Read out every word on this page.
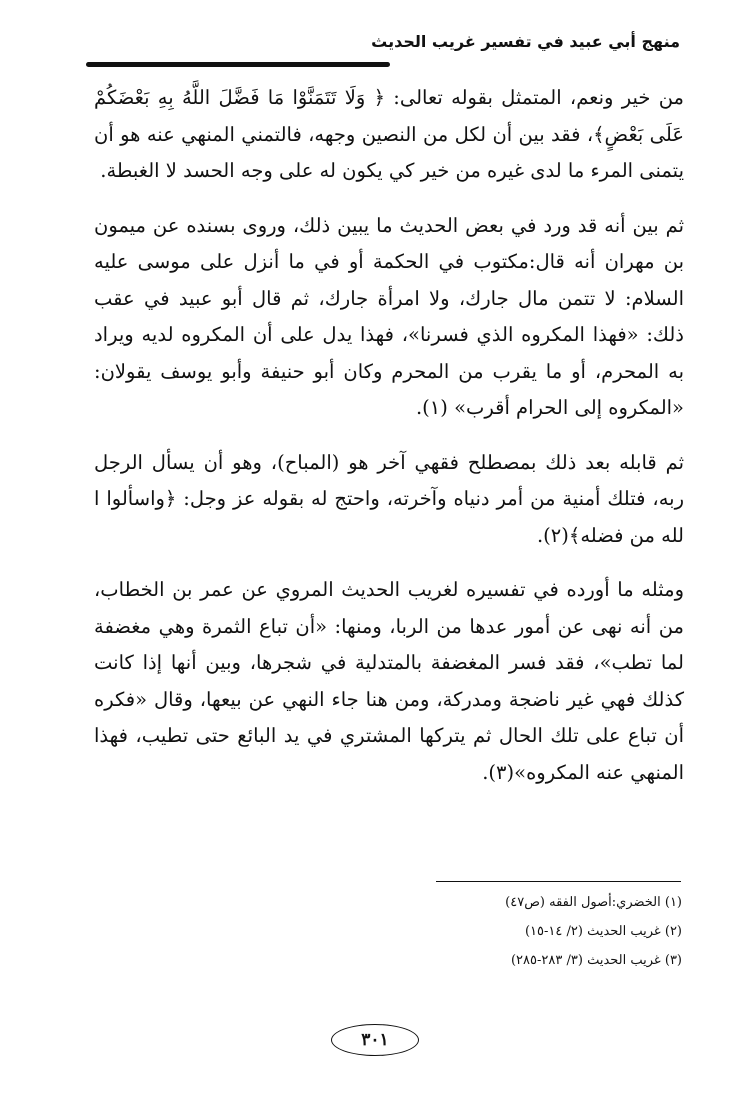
منهج أبي عبيد في تفسير غريب الحديث

من خير ونعم، المتمثل بقوله تعالى: ﴿ وَلَا تَتَمَنَّوْا مَا فَضَّلَ اللَّهُ بِهِ بَعْضَكُمْ عَلَى بَعْضٍ﴾، فقد بين أن لكل من النصين وجهه، فالتمني المنهي عنه هو أن يتمنى المرء ما لدى غيره من خير كي يكون له على وجه الحسد لا الغبطة.

ثم بين أنه قد ورد في بعض الحديث ما يبين ذلك، وروى بسنده عن ميمون بن مهران أنه قال:مكتوب في الحكمة أو في ما أنزل على موسى عليه السلام: لا تتمن مال جارك، ولا امرأة جارك، ثم قال أبو عبيد في عقب ذلك: «فهذا المكروه الذي فسرنا»، فهذا يدل على أن المكروه لديه ويراد به المحرم، أو ما يقرب من المحرم وكان أبو حنيفة وأبو يوسف يقولان: «المكروه إلى الحرام أقرب» (١).

ثم قابله بعد ذلك بمصطلح فقهي آخر هو (المباح)، وهو أن يسأل الرجل ربه، فتلك أمنية من أمر دنياه وآخرته، واحتج له بقوله عز وجل: ﴿واسألوا ا لله من فضله﴾(٢).

ومثله ما أورده في تفسيره لغريب الحديث المروي عن عمر بن الخطاب، من أنه نهى عن أمور عدها من الربا، ومنها: «أن تباع الثمرة وهي مغضفة لما تطب»، فقد فسر المغضفة بالمتدلية في شجرها، وبين أنها إذا كانت كذلك فهي غير ناضجة ومدركة، ومن هنا جاء النهي عن بيعها، وقال «فكره أن تباع على تلك الحال ثم يتركها المشتري في يد البائع حتى تطيب، فهذا المنهي عنه المكروه»(٣).

(١) الخضري:أصول الفقه (ص٤٧)

(٢) غريب الحديث (٢/ ١٤-١٥)

(٣) غريب الحديث (٣/ ٢٨٣-٢٨٥)

٣٠١
